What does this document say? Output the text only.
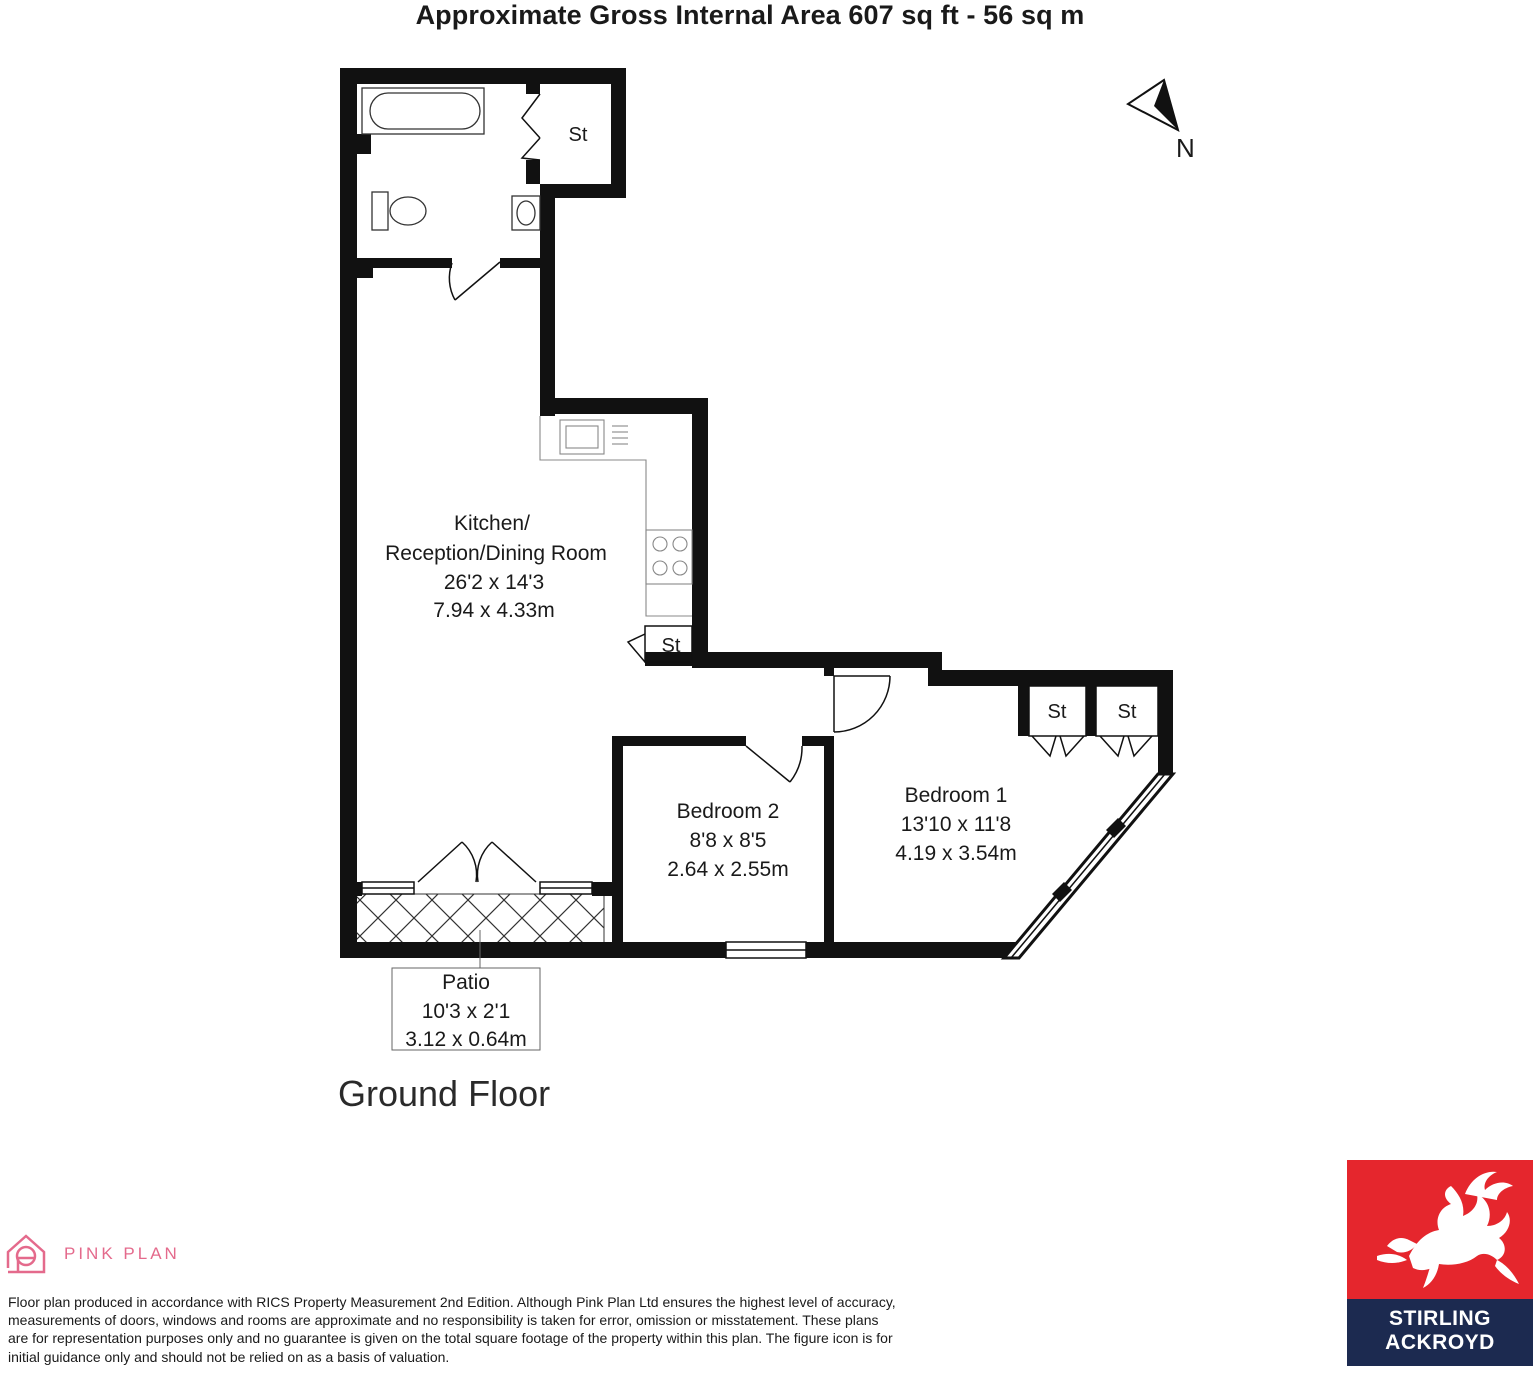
Approximate Gross Internal Area 607 sq ft - 56 sq m
Kitchen/
Reception/Dining Room
26'2 x 14'3
7.94 x 4.33m
Bedroom 2
8'8 x 8'5
2.64 x 2.55m
Bedroom 1
13'10 x 11'8
4.19 x 3.54m
Patio
10'3 x 2'1
3.12 x 0.64m
St
St
St	St
N
Ground Floor
PINK PLAN
Floor plan produced in accordance with RICS Property Measurement 2nd Edition. Although Pink Plan Ltd ensures the highest level of accuracy, measurements of doors, windows and rooms are approximate and no responsibility is taken for error, omission or misstatement. These plans are for representation purposes only and no guarantee is given on the total square footage of the property within this plan. The figure icon is for initial guidance only and should not be relied on as a basis of valuation.
STIRLING
ACKROYD
